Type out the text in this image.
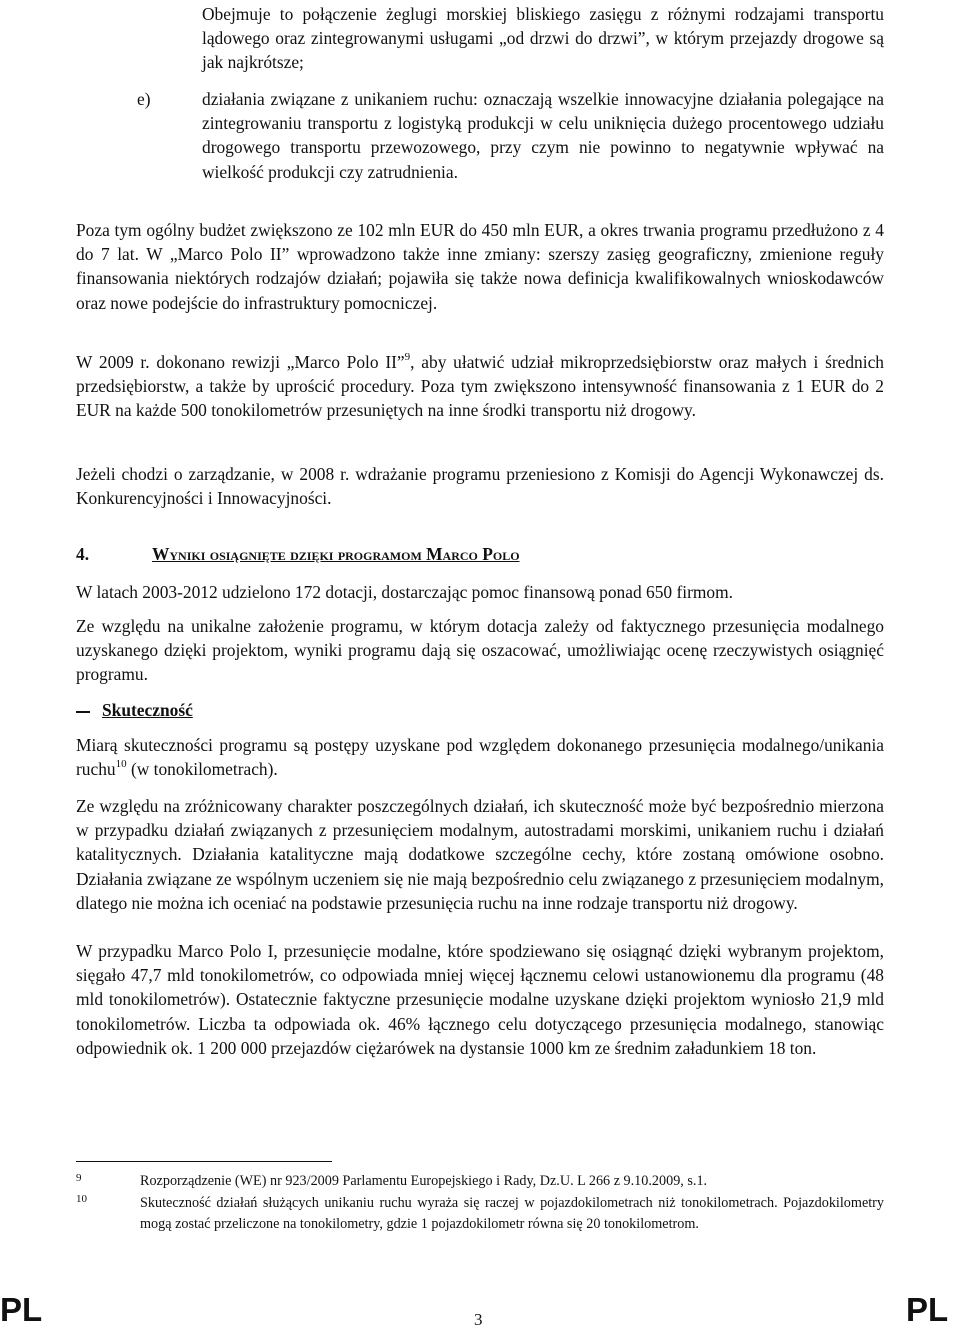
Obejmuje to połączenie żeglugi morskiej bliskiego zasięgu z różnymi rodzajami transportu lądowego oraz zintegrowanymi usługami „od drzwi do drzwi”, w którym przejazdy drogowe są jak najkrótsze;

e)	działania związane z unikaniem ruchu: oznaczają wszelkie innowacyjne działania polegające na zintegrowaniu transportu z logistyką produkcji w celu uniknięcia dużego procentowego udziału drogowego transportu przewozowego, przy czym nie powinno to negatywnie wpływać na wielkość produkcji czy zatrudnienia.

Poza tym ogólny budżet zwiększono ze 102 mln EUR do 450 mln EUR, a okres trwania programu przedłużono z 4 do 7 lat. W „Marco Polo II” wprowadzono także inne zmiany: szerszy zasięg geograficzny, zmienione reguły finansowania niektórych rodzajów działań; pojawiła się także nowa definicja kwalifikowalnych wnioskodawców oraz nowe podejście do infrastruktury pomocniczej.

W 2009 r. dokonano rewizji „Marco Polo II”$^9$, aby ułatwić udział mikroprzedsiębiorstw oraz małych i średnich przedsiębiorstw, a także by uprościć procedury. Poza tym zwiększono intensywność finansowania z 1 EUR do 2 EUR na każde 500 tonokilometrów przesuniętych na inne środki transportu niż drogowy.

Jeżeli chodzi o zarządzanie, w 2008 r. wdrażanie programu przeniesiono z Komisji do Agencji Wykonawczej ds. Konkurencyjności i Innowacyjności.

4.	Wyniki osiągnięte dzięki programom Marco Polo

W latach 2003-2012 udzielono 172 dotacji, dostarczając pomoc finansową ponad 650 firmom.

Ze względu na unikalne założenie programu, w którym dotacja zależy od faktycznego przesunięcia modalnego uzyskanego dzięki projektom, wyniki programu dają się oszacować, umożliwiając ocenę rzeczywistych osiągnięć programu.

Skuteczność

Miarą skuteczności programu są postępy uzyskane pod względem dokonanego przesunięcia modalnego/unikania ruchu$^{10}$ (w tonokilometrach).

Ze względu na zróżnicowany charakter poszczególnych działań, ich skuteczność może być bezpośrednio mierzona w przypadku działań związanych z przesunięciem modalnym, autostradami morskimi, unikaniem ruchu i działań katalitycznych. Działania katalityczne mają dodatkowe szczególne cechy, które zostaną omówione osobno. Działania związane ze wspólnym uczeniem się nie mają bezpośrednio celu związanego z przesunięciem modalnym, dlatego nie można ich oceniać na podstawie przesunięcia ruchu na inne rodzaje transportu niż drogowy.

W przypadku Marco Polo I, przesunięcie modalne, które spodziewano się osiągnąć dzięki wybranym projektom, sięgało 47,7 mld tonokilometrów, co odpowiada mniej więcej łącznemu celowi ustanowionemu dla programu (48 mld tonokilometrów). Ostatecznie faktyczne przesunięcie modalne uzyskane dzięki projektom wyniosło 21,9 mld tonokilometrów. Liczba ta odpowiada ok. 46% łącznego celu dotyczącego przesunięcia modalnego, stanowiąc odpowiednik ok. 1 200 000 przejazdów ciężarówek na dystansie 1000 km ze średnim załadunkiem 18 ton.

9	Rozporządzenie (WE) nr 923/2009 Parlamentu Europejskiego i Rady, Dz.U. L 266 z 9.10.2009, s.1.

10	Skuteczność działań służących unikaniu ruchu wyraża się raczej w pojazdokilometrach niż tonokilometrach. Pojazdokilometry mogą zostać przeliczone na tonokilometry, gdzie 1 pojazdokilometr równa się 20 tonokilometrom.

PL	3	PL
